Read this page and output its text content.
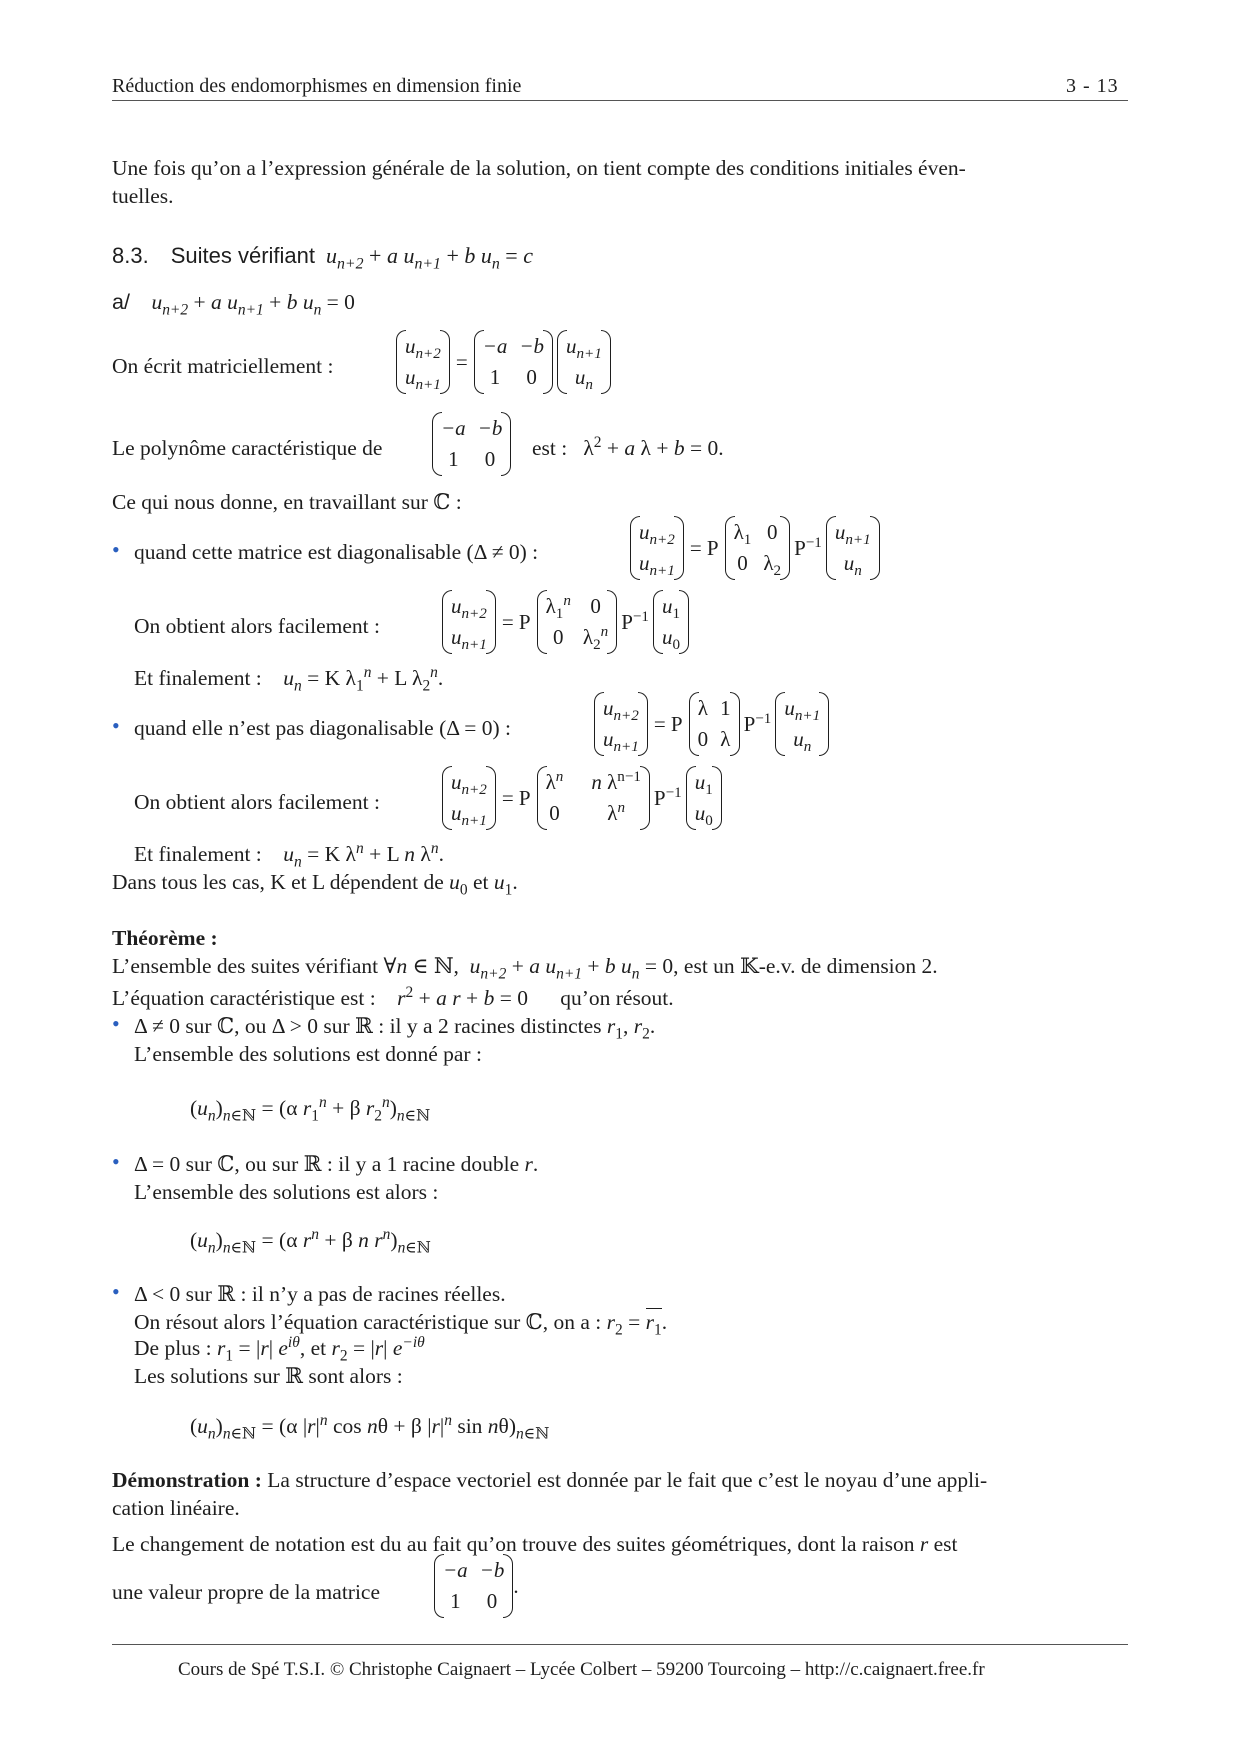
Réduction des endomorphismes en dimension finie	3 - 13
Une fois qu’on a l’expression générale de la solution, on tient compte des conditions initiales éven-
tuelles.
8.3. Suites vérifiant  $u_{n+2} + a$ $u_{n+1} + b$ $u_n = c$
a/    $u_{n+2} + a$ $u_{n+1} + b$ $u_n = 0$
On écrit matriciellement :
$u_{n+2}$
$u_{n+1}$
=
−a −b
1	0
$u_{n+1}$
$u_n$
Le polynôme caractéristique de
−a −b
1	0	est :   $\lambda^2 + a$ λ + b = 0.
Ce qui nous donne, en travaillant sur ℂ :
• quand cette matrice est diagonalisable (Δ ≠ 0) :
$u_{n+2}$
$u_{n+1}$
= P
$\lambda_1$ 0
0 $\lambda_2$
$P^{-1}$ $u_{n+1}$
$u_n$
On obtient alors facilement :
$u_{n+2}$
$u_{n+1}$
= P
$\lambda_1^n$ 0
0 $\lambda_2^n$ $P^{-1}$ $u_1$
$u_0$
Et finalement : $u_n = K$ $\lambda_1^n + L$ $\lambda_2^n$.
• quand elle n’est pas diagonalisable (Δ = 0) :
$u_{n+2}$
$u_{n+1}$
= P
λ 1
0 λ
$P^{-1}$ $u_{n+1}$
$u_n$
On obtient alors facilement :
$u_{n+2}$
$u_{n+1}$
= P
$\lambda^n$ n $\lambda^{n-1}$
0	$\lambda^n$	$P^{-1}$ $u_1$
$u_0$
Et finalement : $u_n = K$ $\lambda^n + L$ n $\lambda^n$.
Dans tous les cas, K et L dépendent de $u_0$ et $u_1$.
Théorème :
L’ensemble des suites vérifiant ∀n ∈ ℕ,  $u_{n+2} + a$ $u_{n+1} + b$ $u_n = 0$, est un 𝕂-e.v. de dimension 2.
L’équation caractéristique est : $r^2 + a$ r + b = 0      qu’on résout.
• Δ ≠ 0 sur ℂ, ou Δ > 0 sur ℝ : il y a 2 racines distinctes $r_1$, $r_2$.
L’ensemble des solutions est donné par :
$(u_n)_{n\in ℕ} = (\alpha$ $r_1^n + \beta$ $r_2^n)_{n\in ℕ}$
• Δ = 0 sur ℂ, ou sur ℝ : il y a 1 racine double r.
L’ensemble des solutions est alors :
$(u_n)_{n\in ℕ} = (\alpha$ $r^n + \beta$ n $r^n)_{n\in ℕ}$
• Δ < 0 sur ℝ : il n’y a pas de racines réelles.
On résout alors l’équation caractéristique sur ℂ, on a : $r_2 = r_1$.
De plus : $r_1 = |r|$ $e^{i\theta}$, et $r_2 = |r|$ $e^{-i\theta}$
Les solutions sur ℝ sont alors :
$(u_n)_{n\in ℕ} = (\alpha$ $|r|^n$ cos nθ + β $|r|^n$ $\sin n\theta)_{n\in ℕ}$
Démonstration : La structure d’espace vectoriel est donnée par le fait que c’est le noyau d’une appli-
cation linéaire.
Le changement de notation est du au fait qu’on trouve des suites géométriques, dont la raison r est
une valeur propre de la matrice
−a −b
1	0
.
Cours de Spé T.S.I. © Christophe Caignaert – Lycée Colbert – 59200 Tourcoing – http://c.caignaert.free.fr
